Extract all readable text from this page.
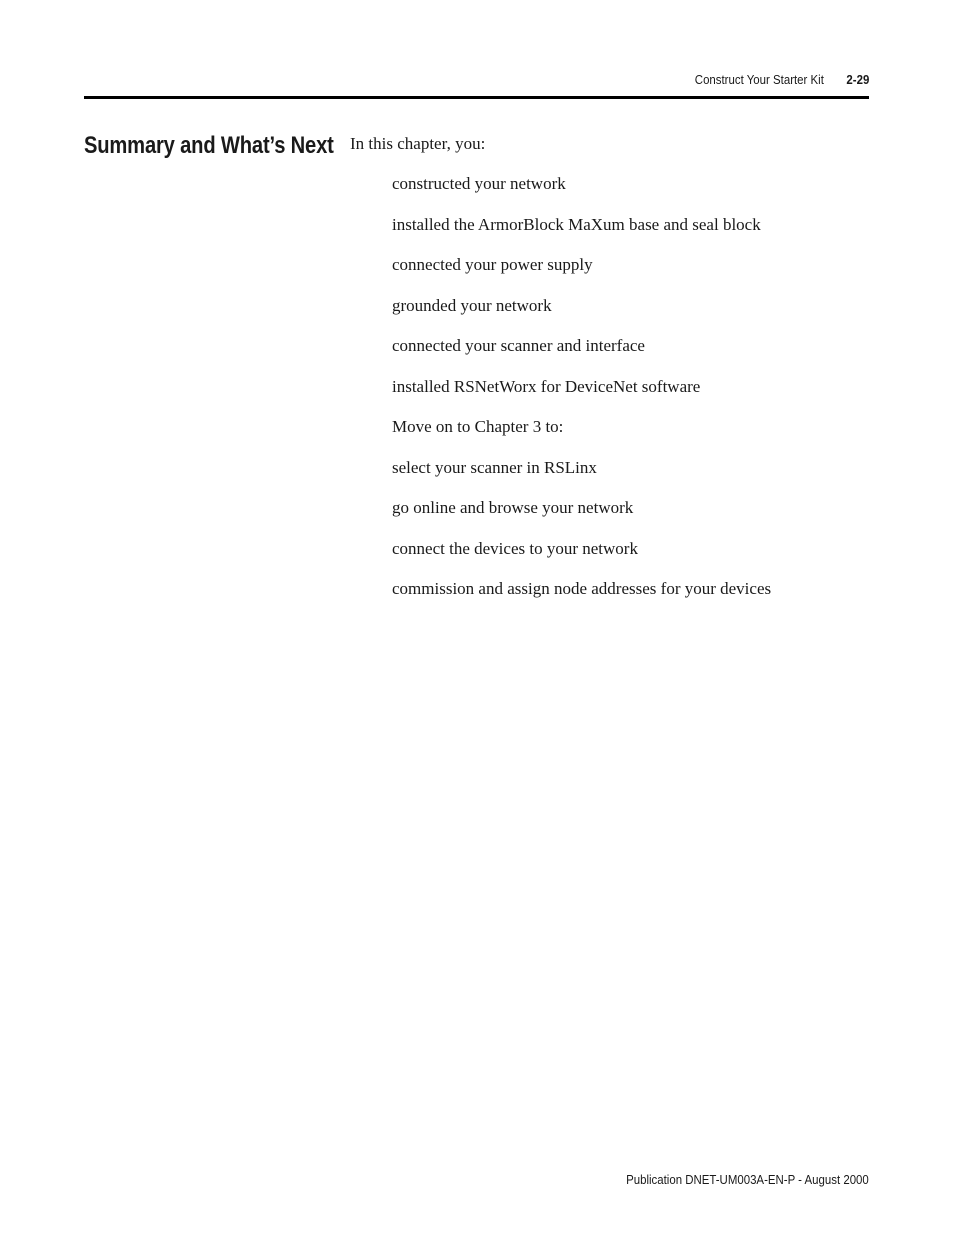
Construct Your Starter Kit 2-29
Summary and What’s Next In this chapter, you:
constructed your network
installed the ArmorBlock MaXum base and seal block
connected your power supply
grounded your network
connected your scanner and interface
installed RSNetWorx for DeviceNet software
Move on to Chapter 3 to:
select your scanner in RSLinx
go online and browse your network
connect the devices to your network
commission and assign node addresses for your devices
Publication DNET-UM003A-EN-P - August 2000
